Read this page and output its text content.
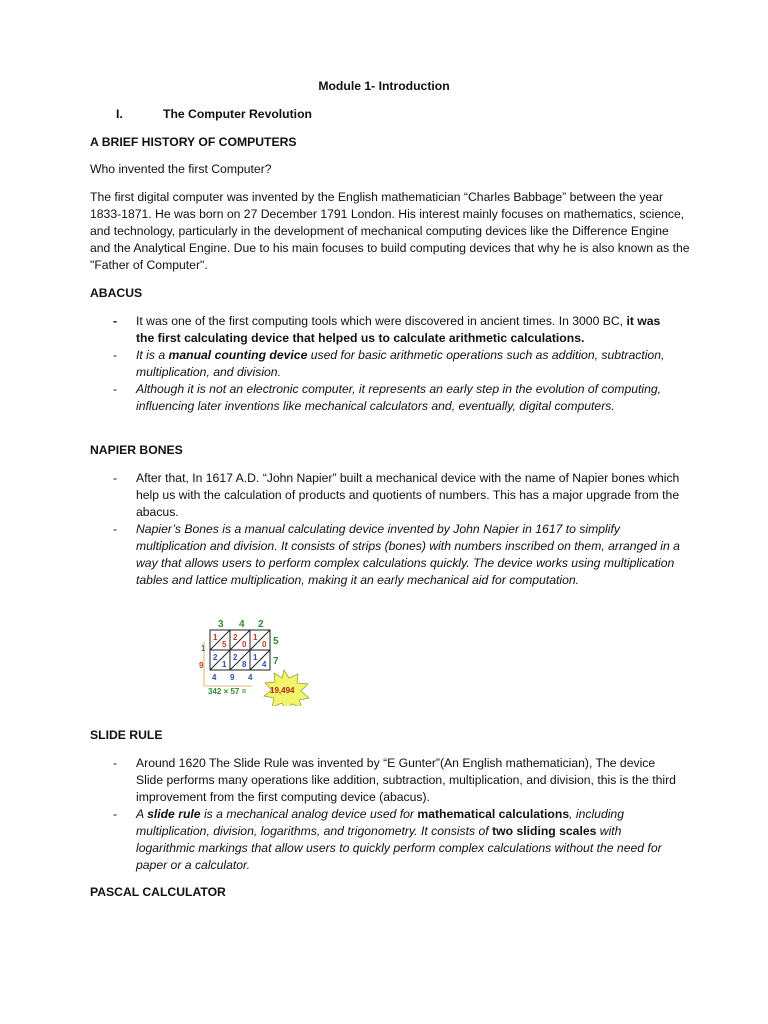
Module 1- Introduction
I.	The Computer Revolution
A BRIEF HISTORY OF COMPUTERS
Who invented the first Computer?

The first digital computer was invented by the English mathematician “Charles Babbage” between the year 1833-1871. He was born on 27 December 1791 London. His interest mainly focuses on mathematics, science, and technology, particularly in the development of mechanical computing devices like the Difference Engine and the Analytical Engine. Due to his main focuses to build computing devices that why he is also known as the "Father of Computer".

ABACUS
- It was one of the first computing tools which were discovered in ancient times. In 3000 BC, it was the first calculating device that helped us to calculate arithmetic calculations.
- It is a manual counting device used for basic arithmetic operations such as addition, subtraction, multiplication, and division.
- Although it is not an electronic computer, it represents an early step in the evolution of computing, influencing later inventions like mechanical calculators and, eventually, digital computers.
NAPIER BONES
- After that, In 1617 A.D. “John Napier” built a mechanical device with the name of Napier bones which help us with the calculation of products and quotients of numbers. This has a major upgrade from the abacus.
- Napier’s Bones is a manual calculating device invented by John Napier in 1617 to simplify multiplication and division. It consists of strips (bones) with numbers inscribed on them, arranged in a way that allows users to perform complex calculations quickly. The device works using multiplication tables and lattice multiplication, making it an early mechanical aid for computation.
3 4 2
1
5
2
0
1
0
2
1
2
8
1
4
5
7
1
9
4 9 4
342 × 57 =	19,494
SLIDE RULE
- Around 1620 The Slide Rule was invented by “E Gunter”(An English mathematician), The device Slide performs many operations like addition, subtraction, multiplication, and division, this is the third improvement from the first computing device (abacus).
- A slide rule is a mechanical analog device used for mathematical calculations, including multiplication, division, logarithms, and trigonometry. It consists of two sliding scales with logarithmic markings that allow users to quickly perform complex calculations without the need for paper or a calculator.
PASCAL CALCULATOR
